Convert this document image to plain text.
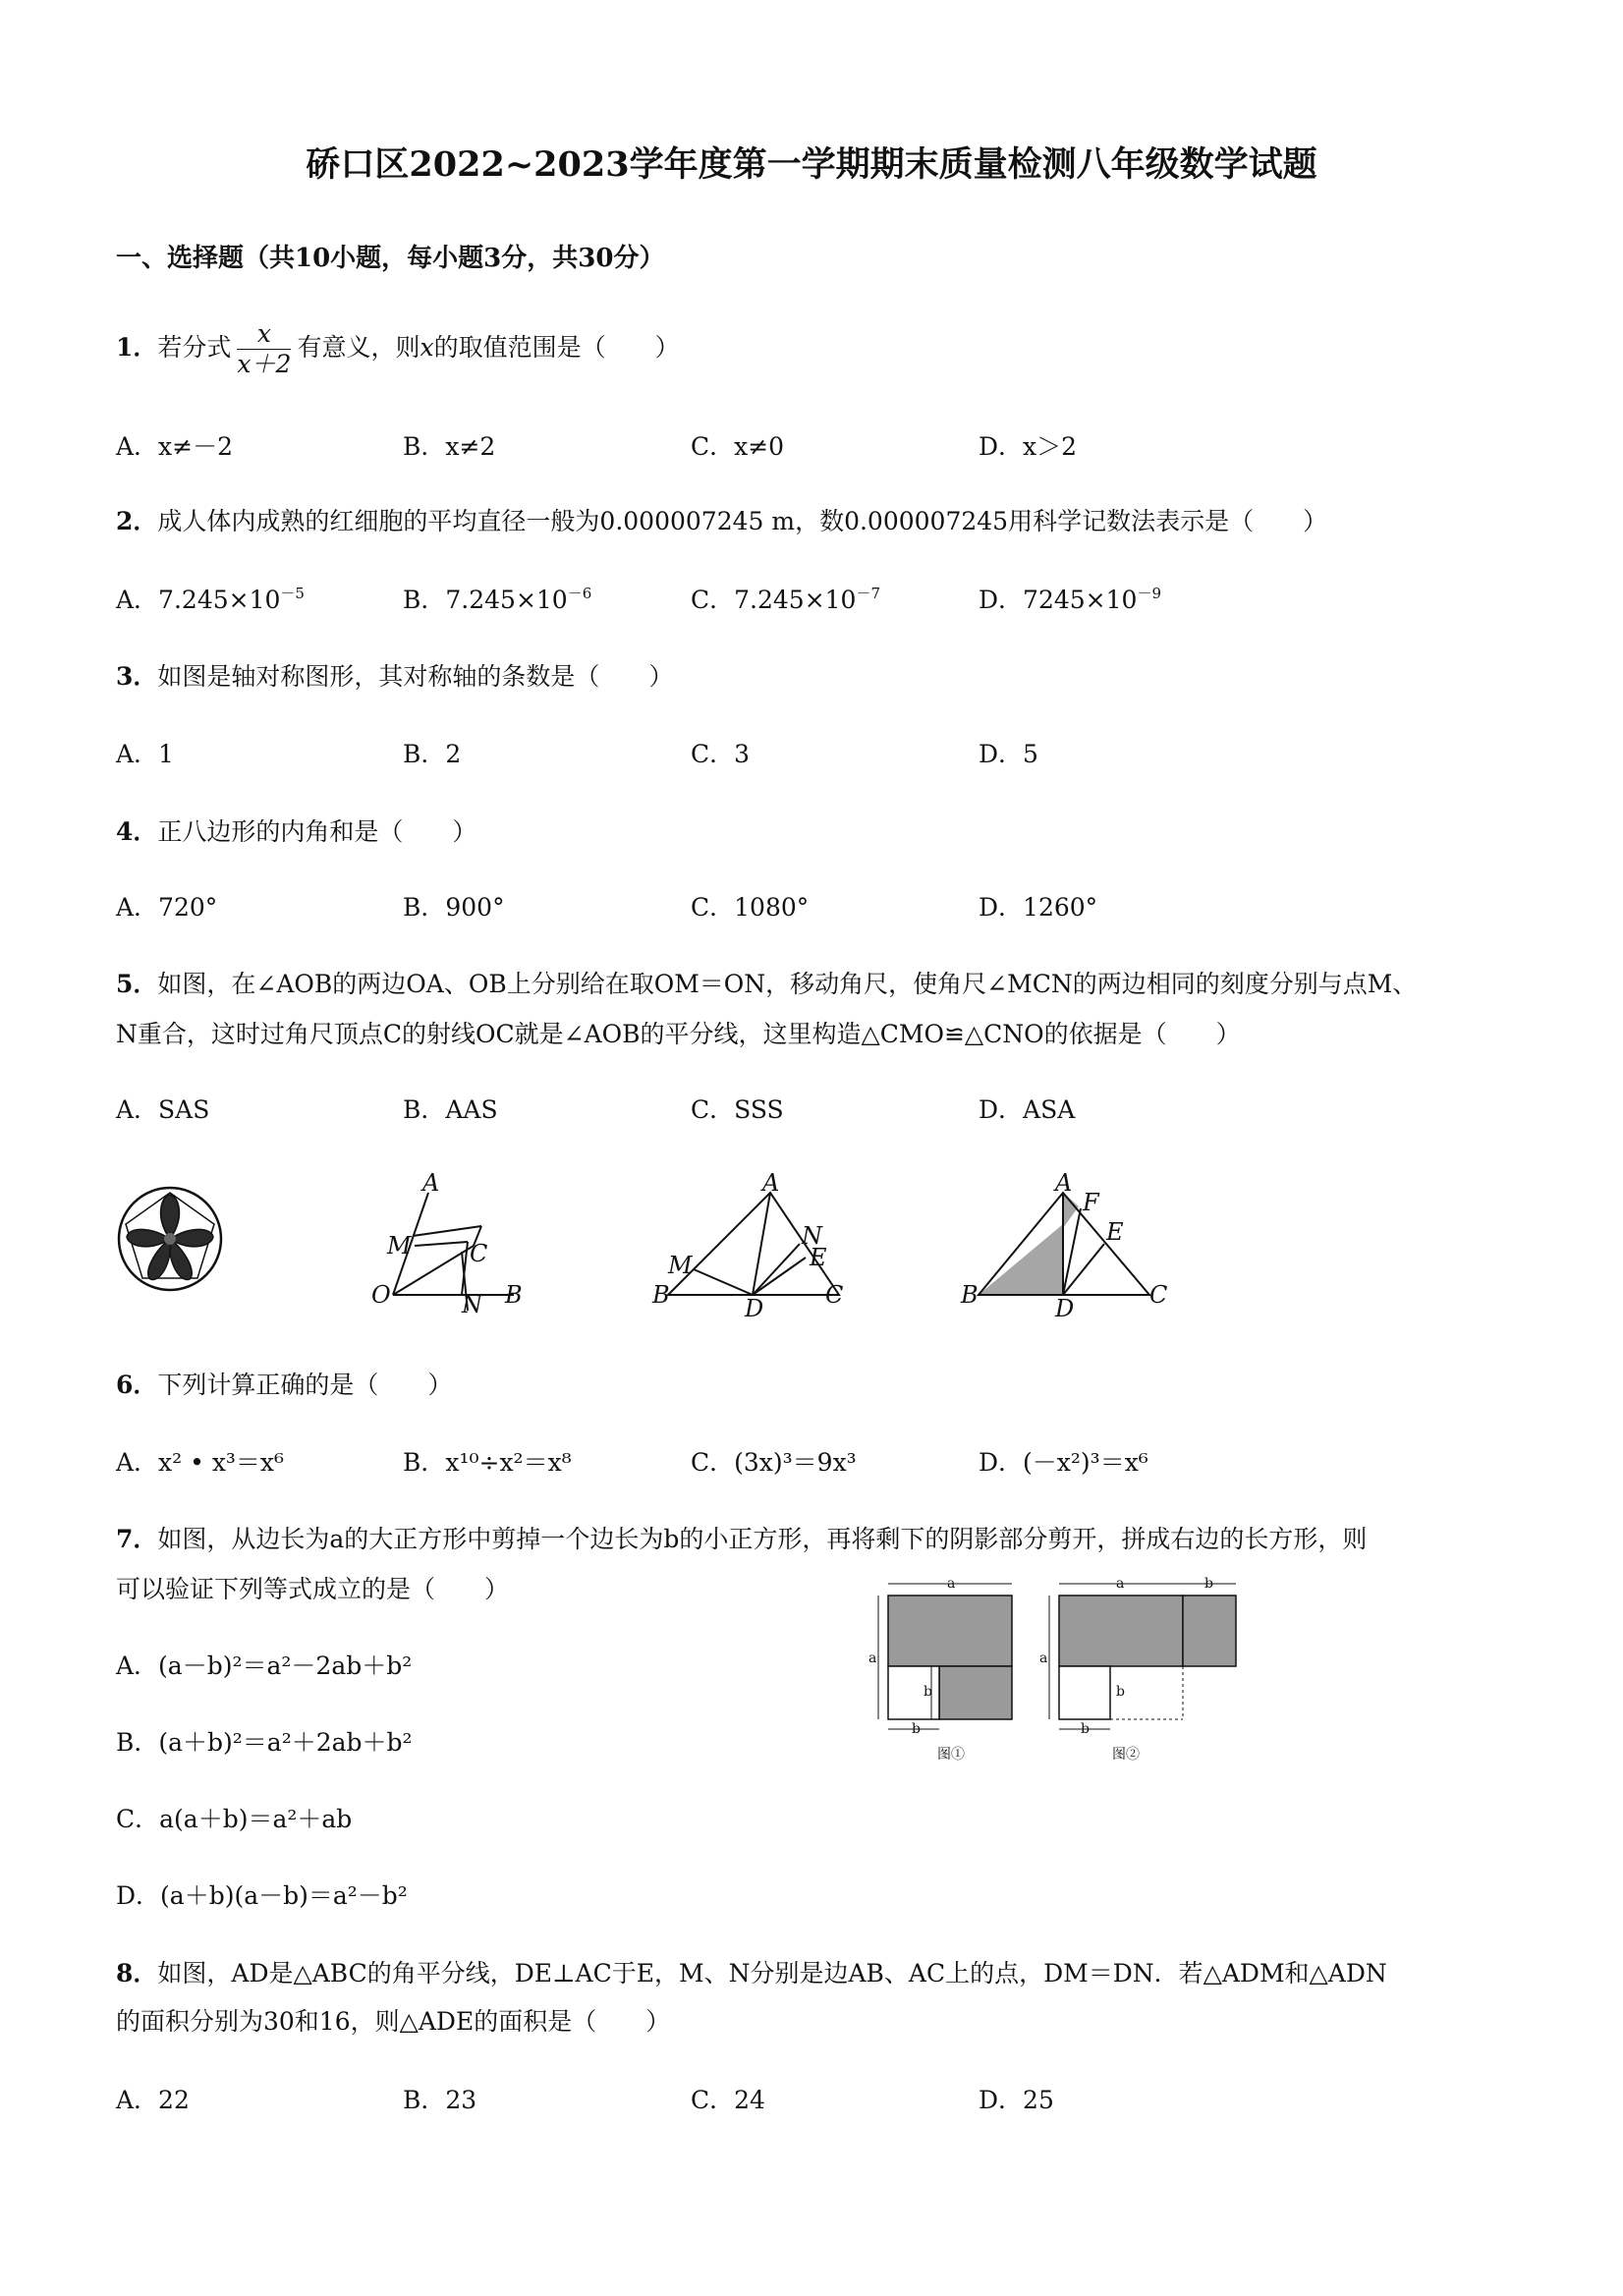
硚口区2022~2023学年度第一学期期末质量检测八年级数学试题
一、选择题（共10小题，每小题3分，共30分）
1．若分式 $\frac{x}{x+2}$ 有意义，则x的取值范围是（　　）
A．x≠－2	B．x≠2	C．x≠0	D．x＞2
2．成人体内成熟的红细胞的平均直径一般为0.000007245 m，数0.000007245用科学记数法表示是（　　）
A．$7.245\times 10^{-5}$	B．$7.245\times 10^{-6}$	C．$7.245\times 10^{-7}$	D．$7245\times 10^{-9}$
3．如图是轴对称图形，其对称轴的条数是（　　）
A．1	B．2	C．3	D．5
4．正八边形的内角和是（　　）
A．720°	B．900°	C．1080°	D．1260°
5．如图，在∠AOB的两边OA、OB上分别给在取OM＝ON，移动角尺，使角尺∠MCN的两边相同的刻度分别与点M、
N重合，这时过角尺顶点C的射线OC就是∠AOB的平分线，这里构造△CMO≌△CNO的依据是（　　）
A．SAS	B．AAS	C．SSS	D．ASA
A
M C
O	N B
A
N
E
M
B	D	C
A
F
E
B	D	C
6．下列计算正确的是（　　）
A．x² • x³＝x⁶	B．x¹⁰÷x²＝x⁸	C．(3x)³＝9x³	D．(－x²)³＝x⁶
7．如图，从边长为a的大正方形中剪掉一个边长为b的小正方形，再将剩下的阴影部分剪开，拼成右边的长方形，则
可以验证下列等式成立的是（　　）
A．(a－b)²＝a²－2ab＋b²
B．(a＋b)²＝a²＋2ab＋b²
C．a(a＋b)＝a²＋ab
D．(a＋b)(a－b)＝a²－b²
a
a
b
b
图①
a	b
a
b
b
图②
8．如图，AD是△ABC的角平分线，DE⊥AC于E，M、N分别是边AB、AC上的点，DM＝DN．若△ADM和△ADN
的面积分别为30和16，则△ADE的面积是（　　）
A．22	B．23	C．24	D．25
